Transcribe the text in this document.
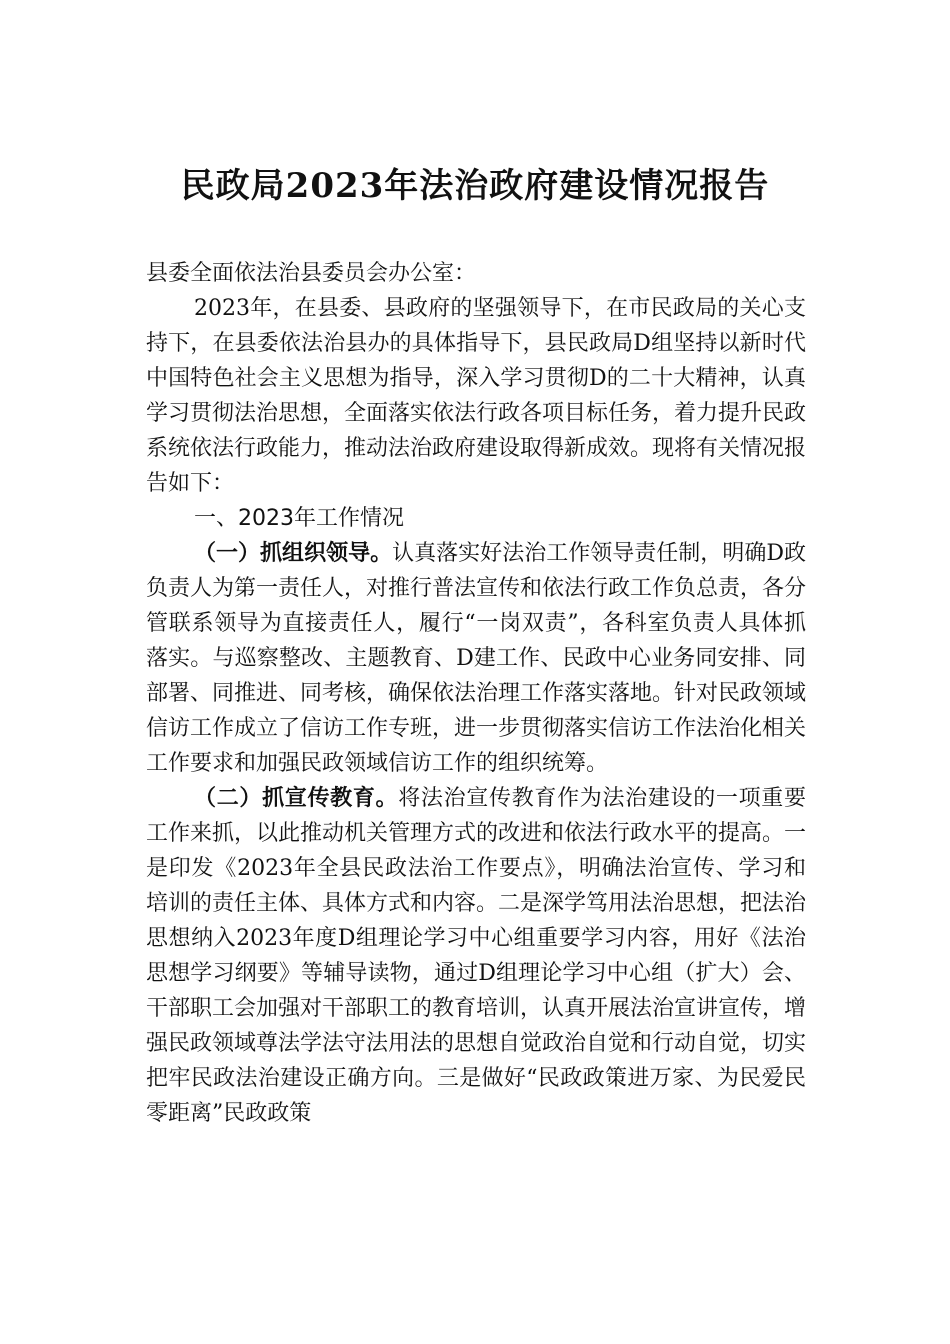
民政局2023年法治政府建设情况报告

县委全面依法治县委员会办公室：

2023年，在县委、县政府的坚强领导下，在市民政局的关心支持下，在县委依法治县办的具体指导下，县民政局D组坚持以新时代中国特色社会主义思想为指导，深入学习贯彻D的二十大精神，认真学习贯彻法治思想，全面落实依法行政各项目标任务，着力提升民政系统依法行政能力，推动法治政府建设取得新成效。现将有关情况报告如下：

一、2023年工作情况

（一）抓组织领导。认真落实好法治工作领导责任制，明确D政负责人为第一责任人，对推行普法宣传和依法行政工作负总责，各分管联系领导为直接责任人，履行“一岗双责”，各科室负责人具体抓落实。与巡察整改、主题教育、D建工作、民政中心业务同安排、同部署、同推进、同考核，确保依法治理工作落实落地。针对民政领域信访工作成立了信访工作专班，进一步贯彻落实信访工作法治化相关工作要求和加强民政领域信访工作的组织统筹。

（二）抓宣传教育。将法治宣传教育作为法治建设的一项重要工作来抓，以此推动机关管理方式的改进和依法行政水平的提高。一是印发《2023年全县民政法治工作要点》，明确法治宣传、学习和培训的责任主体、具体方式和内容。二是深学笃用法治思想，把法治思想纳入2023年度D组理论学习中心组重要学习内容，用好《法治思想学习纲要》等辅导读物，通过D组理论学习中心组（扩大）会、干部职工会加强对干部职工的教育培训，认真开展法治宣讲宣传，增强民政领域尊法学法守法用法的思想自觉政治自觉和行动自觉，切实把牢民政法治建设正确方向。三是做好“民政政策进万家、为民爱民零距离”民政政策
